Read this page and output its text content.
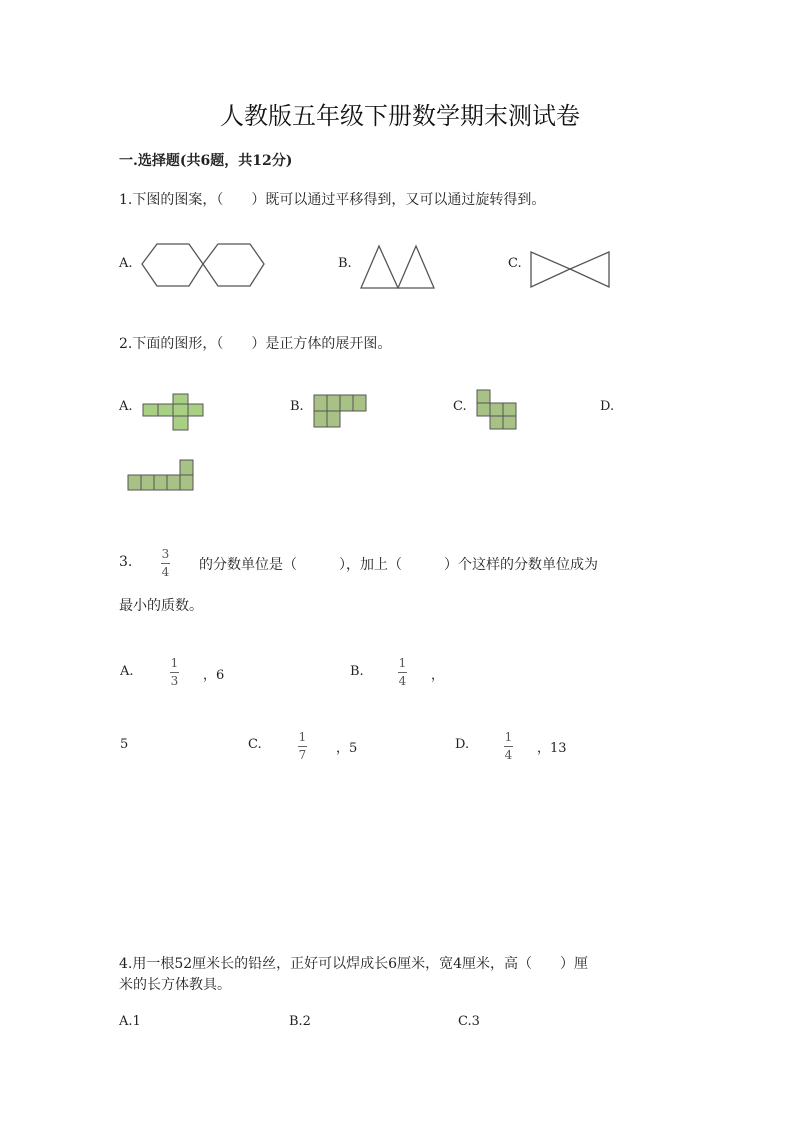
人教版五年级下册数学期末测试卷
一.选择题(共6题，共12分)
1.下图的图案，（　　）既可以通过平移得到，又可以通过旋转得到。
A.	B.	C.
2.下面的图形，（　　）是正方体的展开图。
A.	B.	C.	D.
3. 3
4 的分数单位是（　　　），加上（　　　）个这样的分数单位成为
最小的质数。
A.
1
3 ，6	B.
1
4 ，
5	C.	1
7 ，5	D.	1
4 ，13
4.用一根52厘米长的铅丝，正好可以焊成长6厘米，宽4厘米，高（　　）厘
米的长方体教具。
A.1	B.2	C.3
